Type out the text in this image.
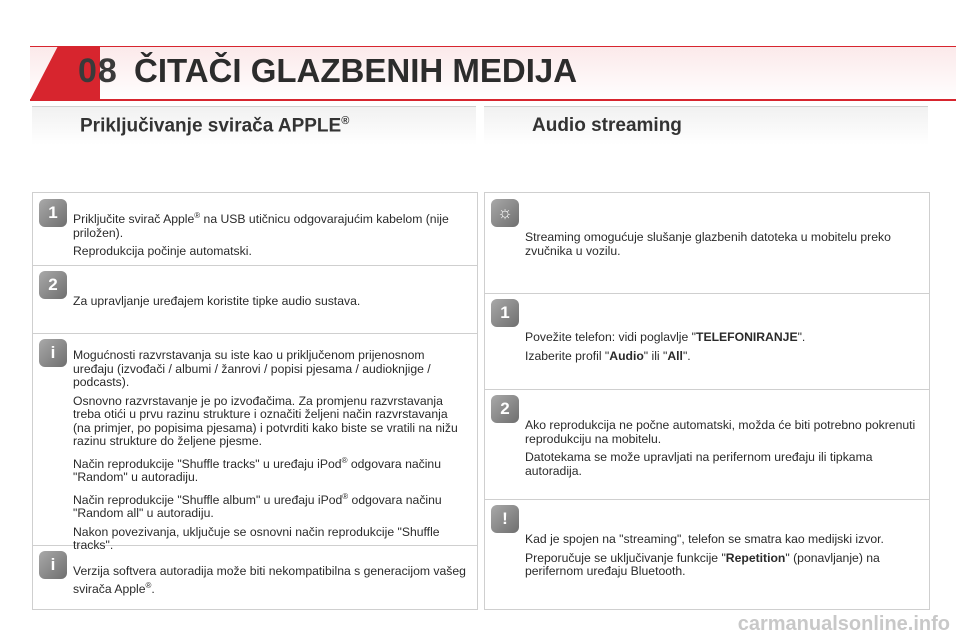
08 ČITAČI GLAZBENIH MEDIJA
Priključivanje svirača APPLE®
1	Priključite svirač Apple® na USB utičnicu odgovarajućim kabelom (nije priložen).

Reprodukcija počinje automatski.

2

Za upravljanje uređajem koristite tipke audio sustava.

i	Mogućnosti razvrstavanja su iste kao u priključenom prijenosnom uređaju (izvođači / albumi / žanrovi / popisi pjesama / audioknjige / podcasts).

Osnovno razvrstavanje je po izvođačima. Za promjenu razvrstavanja treba otići u prvu razinu strukture i označiti željeni način razvrstavanja (na primjer, po popisima pjesama) i potvrditi kako biste se vratili na nižu razinu strukture do željene pjesme.

Način reprodukcije "Shuffle tracks" u uređaju iPod® odgovara načinu "Random" u autoradiju.

Način reprodukcije "Shuffle album" u uređaju iPod® odgovara načinu "Random all" u autoradiju.

Nakon povezivanja, uključuje se osnovni način reprodukcije "Shuffle tracks".

i	Verzija softvera autoradija može biti nekompatibilna s generacijom vašeg svirača Apple®.

Audio streaming
☼

Streaming omogućuje slušanje glazbenih datoteka u mobitelu preko zvučnika u vozilu.

1

Povežite telefon: vidi poglavlje "TELEFONIRANJE".

Izaberite profil "Audio" ili "All".

2

Ako reprodukcija ne počne automatski, možda će biti potrebno pokrenuti reprodukciju na mobitelu.

Datotekama se može upravljati na perifernom uređaju ili tipkama autoradija.

!

Kad je spojen na "streaming", telefon se smatra kao medijski izvor.

Preporučuje se uključivanje funkcije "Repetition" (ponavljanje) na perifernom uređaju Bluetooth.

carmanualsonline.info
